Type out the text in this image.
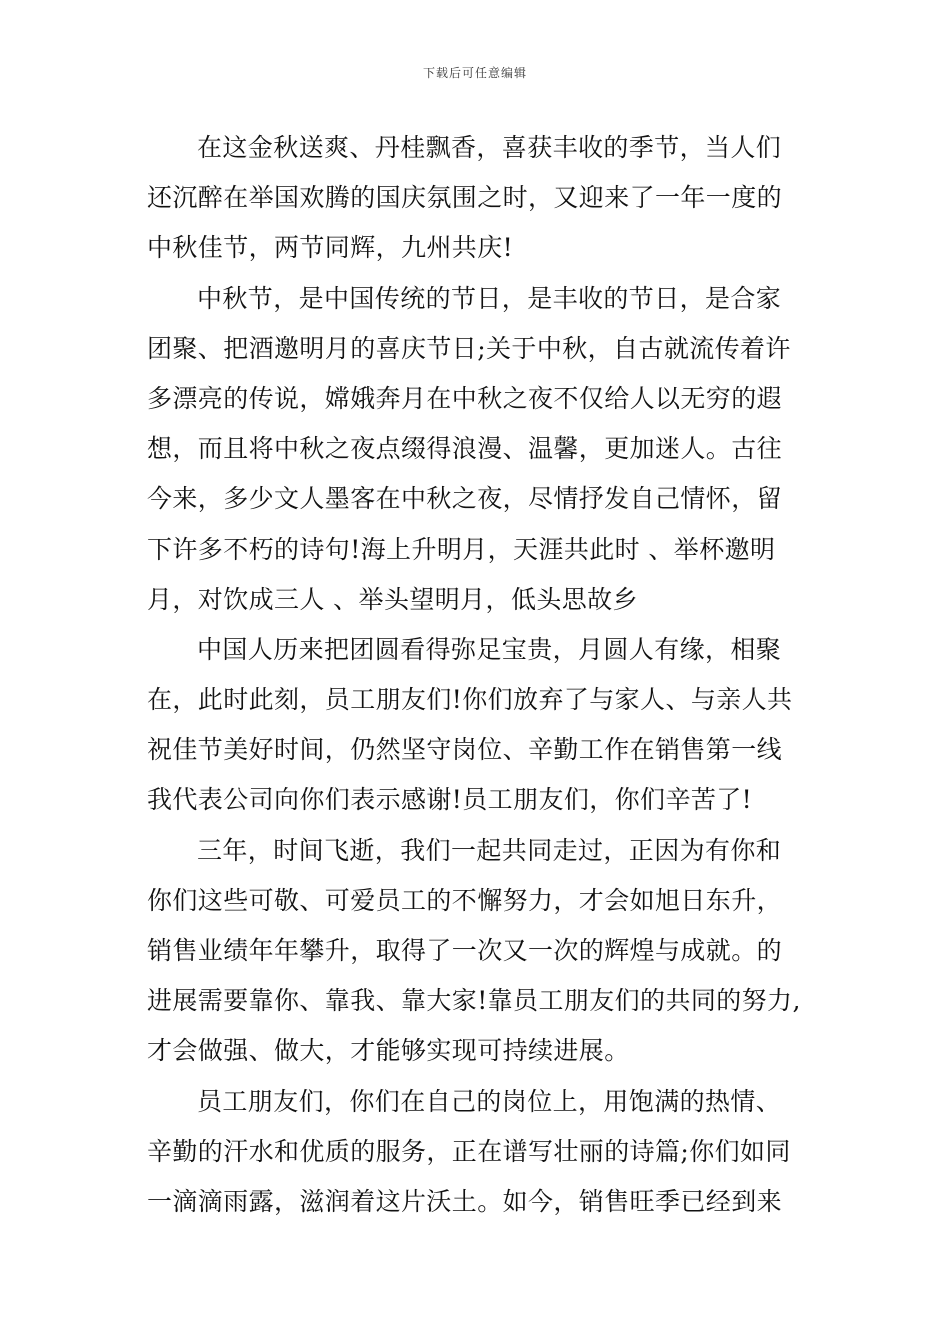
下载后可任意编辑
在这金秋送爽、丹桂飘香，喜获丰收的季节，当人们
还沉醉在举国欢腾的国庆氛围之时，又迎来了一年一度的
中秋佳节，两节同辉，九州共庆!
中秋节，是中国传统的节日，是丰收的节日，是合家
团聚、把酒邀明月的喜庆节日;关于中秋，自古就流传着许
多漂亮的传说，嫦娥奔月在中秋之夜不仅给人以无穷的遐
想，而且将中秋之夜点缀得浪漫、温馨，更加迷人。古往
今来，多少文人墨客在中秋之夜，尽情抒发自己情怀，留
下许多不朽的诗句!海上升明月，天涯共此时 、举杯邀明
月，对饮成三人 、举头望明月，低头思故乡
中国人历来把团圆看得弥足宝贵，月圆人有缘，相聚
在，此时此刻，员工朋友们!你们放弃了与家人、与亲人共
祝佳节美好时间，仍然坚守岗位、辛勤工作在销售第一线
我代表公司向你们表示感谢!员工朋友们，你们辛苦了!
三年，时间飞逝，我们一起共同走过，正因为有你和
你们这些可敬、可爱员工的不懈努力，才会如旭日东升，
销售业绩年年攀升，取得了一次又一次的辉煌与成就。的
进展需要靠你、靠我、靠大家!靠员工朋友们的共同的努力,
才会做强、做大，才能够实现可持续进展。
员工朋友们，你们在自己的岗位上，用饱满的热情、
辛勤的汗水和优质的服务，正在谱写壮丽的诗篇;你们如同
一滴滴雨露，滋润着这片沃土。如今，销售旺季已经到来
